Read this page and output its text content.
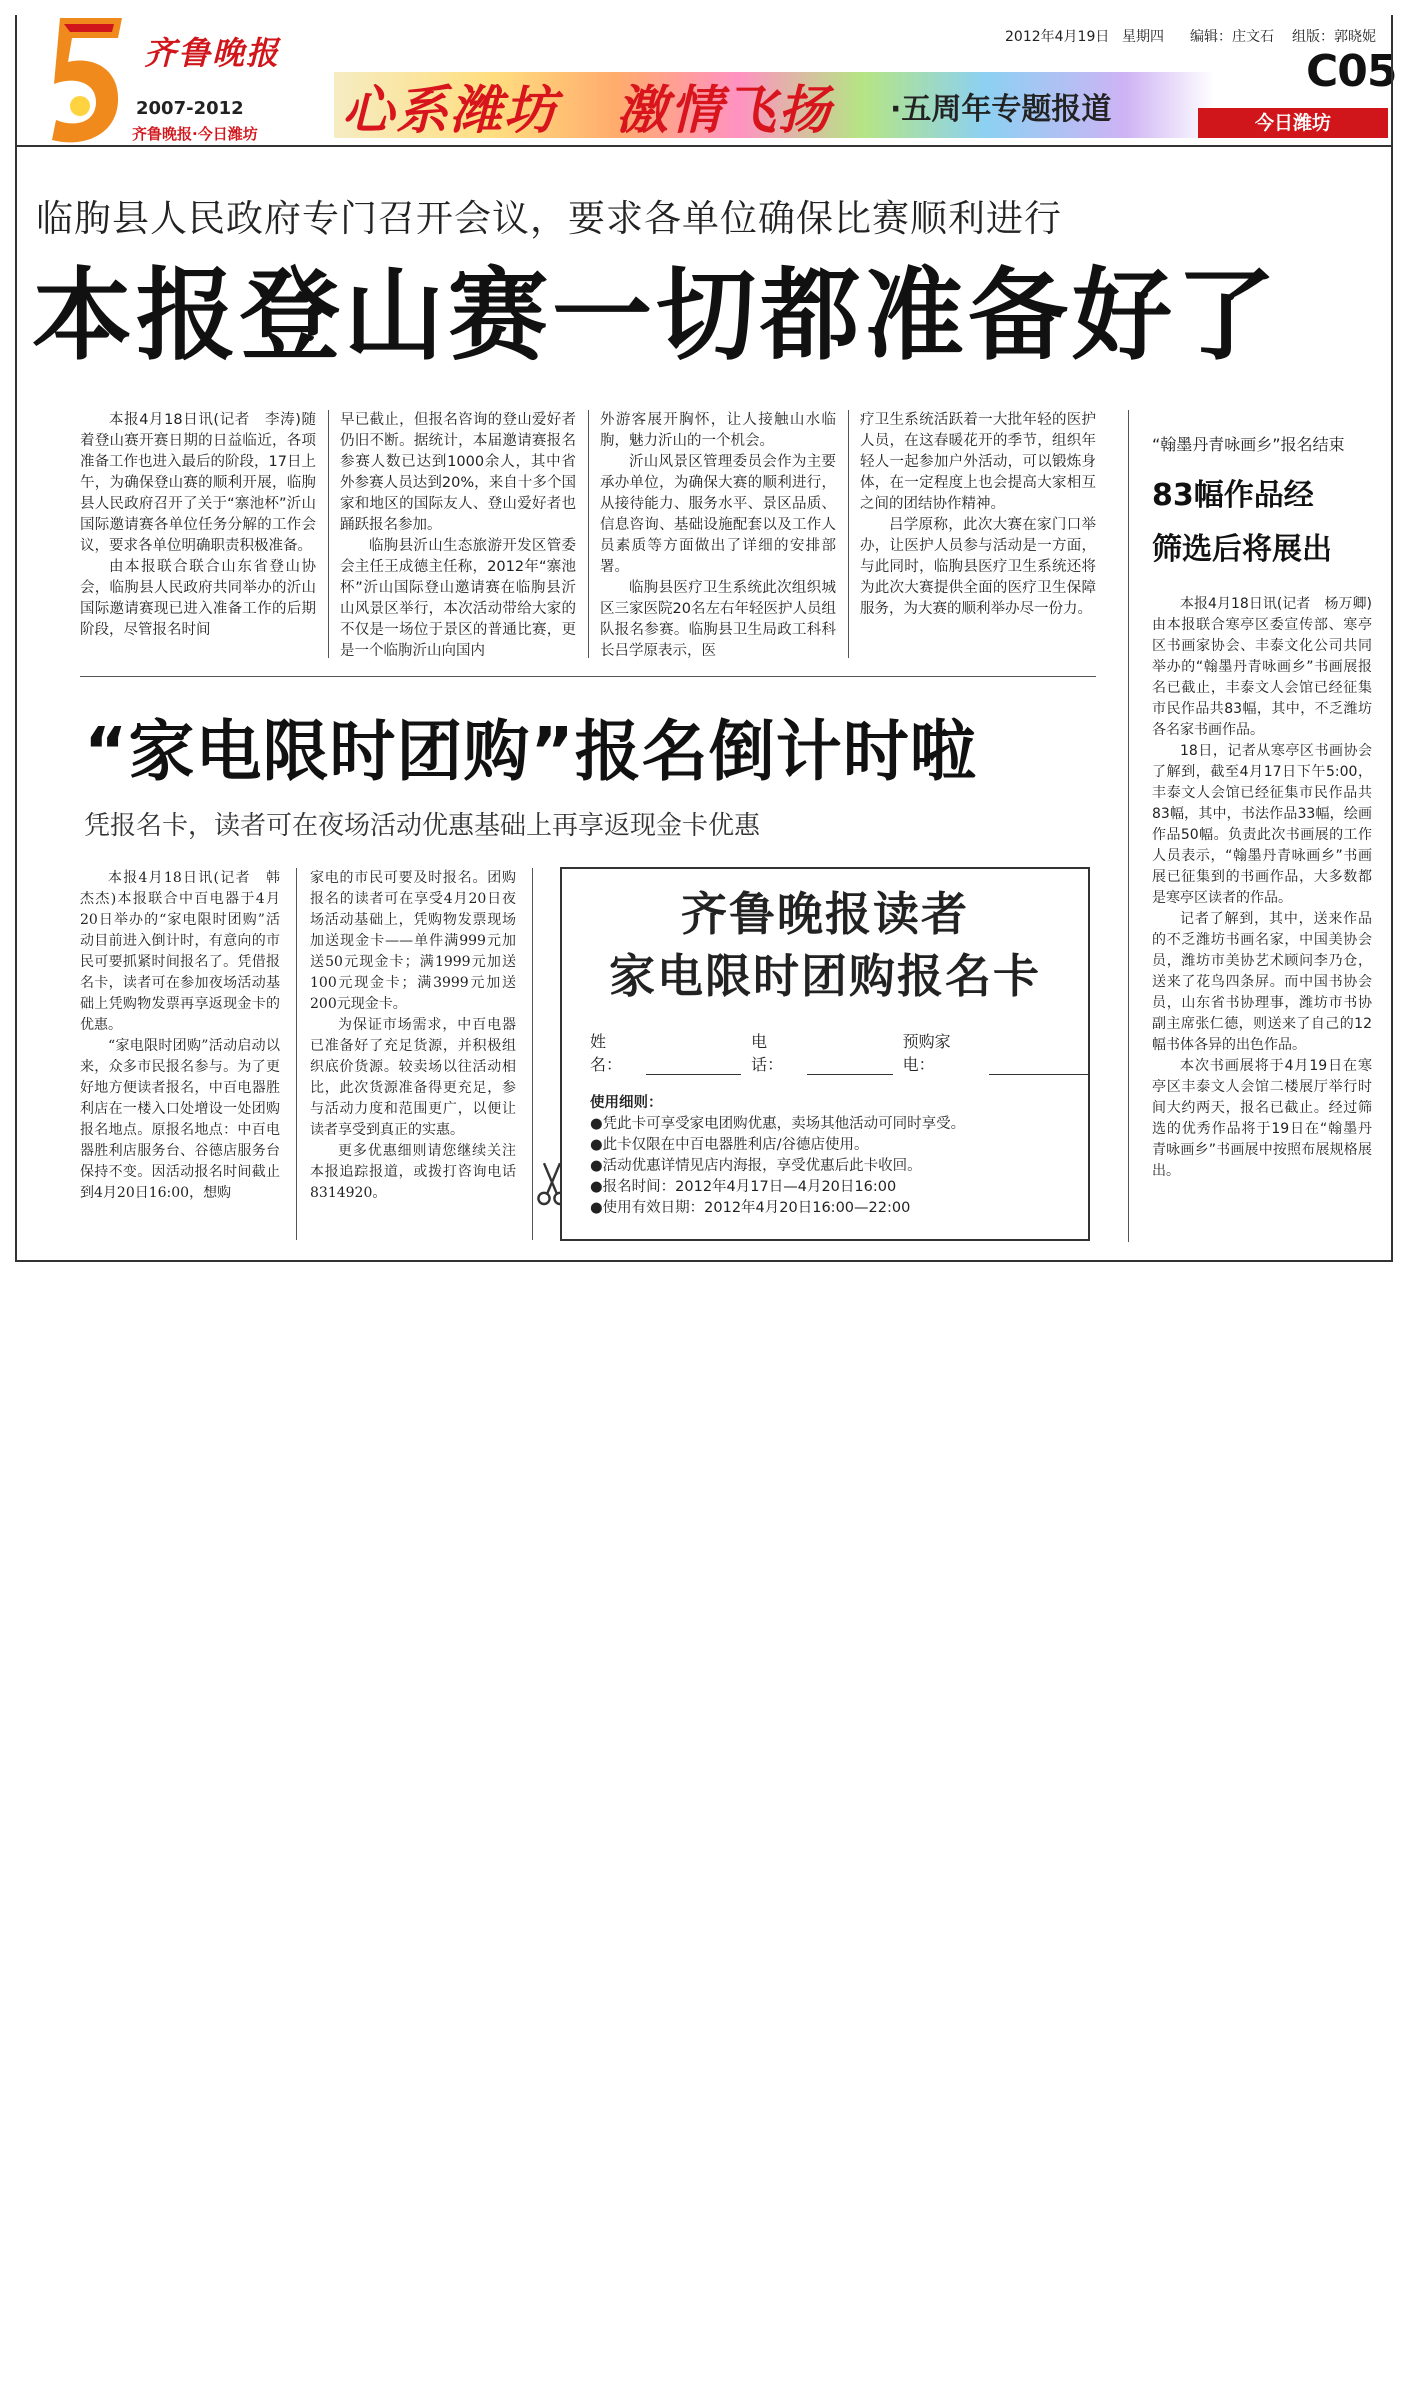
齐鲁晚报
2007-2012
齐鲁晚报·今日潍坊 心系潍坊 激情飞扬 ·五周年专题报道
2012年4月19日 星期四 编辑：庄文石 组版：郭晓妮
C05
今日潍坊
临朐县人民政府专门召开会议，要求各单位确保比赛顺利进行
本报登山赛一切都准备好了

本报4月18日讯(记者　李涛)随着登山赛开赛日期的日益临近，各项准备工作也进入最后的阶段，17日上午，为确保登山赛的顺利开展，临朐县人民政府召开了关于“寨池杯”沂山国际邀请赛各单位任务分解的工作会议，要求各单位明确职责积极准备。

由本报联合联合山东省登山协会，临朐县人民政府共同举办的沂山国际邀请赛现已进入准备工作的后期阶段，尽管报名时间

早已截止，但报名咨询的登山爱好者仍旧不断。据统计，本届邀请赛报名参赛人数已达到1000余人，其中省外参赛人员达到20%，来自十多个国家和地区的国际友人、登山爱好者也踊跃报名参加。

临朐县沂山生态旅游开发区管委会主任王成德主任称，2012年“寨池杯”沂山国际登山邀请赛在临朐县沂山风景区举行，本次活动带给大家的不仅是一场位于景区的普通比赛，更是一个临朐沂山向国内

外游客展开胸怀，让人接触山水临朐，魅力沂山的一个机会。

沂山风景区管理委员会作为主要承办单位，为确保大赛的顺利进行，从接待能力、服务水平、景区品质、信息咨询、基础设施配套以及工作人员素质等方面做出了详细的安排部署。

临朐县医疗卫生系统此次组织城区三家医院20名左右年轻医护人员组队报名参赛。临朐县卫生局政工科科长吕学原表示，医

疗卫生系统活跃着一大批年轻的医护人员，在这春暖花开的季节，组织年轻人一起参加户外活动，可以锻炼身体，在一定程度上也会提高大家相互之间的团结协作精神。

吕学原称，此次大赛在家门口举办，让医护人员参与活动是一方面，与此同时，临朐县医疗卫生系统还将为此次大赛提供全面的医疗卫生保障服务，为大赛的顺利举办尽一份力。

“家电限时团购”报名倒计时啦
凭报名卡，读者可在夜场活动优惠基础上再享返现金卡优惠

本报4月18日讯(记者　韩杰杰)本报联合中百电器于4月20日举办的“家电限时团购”活动目前进入倒计时，有意向的市民可要抓紧时间报名了。凭借报名卡，读者可在参加夜场活动基础上凭购物发票再享返现金卡的优惠。

“家电限时团购”活动启动以来，众多市民报名参与。为了更好地方便读者报名，中百电器胜利店在一楼入口处增设一处团购报名地点。原报名地点：中百电器胜利店服务台、谷德店服务台保持不变。因活动报名时间截止到4月20日16:00，想购

家电的市民可要及时报名。团购报名的读者可在享受4月20日夜场活动基础上，凭购物发票现场加送现金卡——单件满999元加送50元现金卡；满1999元加送100元现金卡；满3999元加送200元现金卡。

为保证市场需求，中百电器已准备好了充足货源，并积极组织底价货源。较卖场以往活动相比，此次货源准备得更充足，参与活动力度和范围更广，以便让读者享受到真正的实惠。

更多优惠细则请您继续关注本报追踪报道，或拨打咨询电话8314920。

齐鲁晚报读者
家电限时团购报名卡
姓名：
电话：
预购家电：
使用细则：
●凭此卡可享受家电团购优惠，卖场其他活动可同时享受。
●此卡仅限在中百电器胜利店/谷德店使用。
●活动优惠详情见店内海报，享受优惠后此卡收回。
●报名时间：2012年4月17日—4月20日16:00
●使用有效日期：2012年4月20日16:00—22:00
“翰墨丹青咏画乡”报名结束
83幅作品经
筛选后将展出

本报4月18日讯(记者　杨万卿)由本报联合寒亭区委宣传部、寒亭区书画家协会、丰泰文化公司共同举办的“翰墨丹青咏画乡”书画展报名已截止，丰泰文人会馆已经征集市民作品共83幅，其中，不乏潍坊各名家书画作品。

18日，记者从寒亭区书画协会了解到，截至4月17日下午5:00，丰泰文人会馆已经征集市民作品共83幅，其中，书法作品33幅，绘画作品50幅。负责此次书画展的工作人员表示，“翰墨丹青咏画乡”书画展已征集到的书画作品，大多数都是寒亭区读者的作品。

记者了解到，其中，送来作品的不乏潍坊书画名家，中国美协会员，潍坊市美协艺术顾问李乃仓，送来了花鸟四条屏。而中国书协会员，山东省书协理事，潍坊市书协副主席张仁德，则送来了自己的12幅书体各异的出色作品。

本次书画展将于4月19日在寒亭区丰泰文人会馆二楼展厅举行时间大约两天，报名已截止。经过筛选的优秀作品将于19日在“翰墨丹青咏画乡”书画展中按照布展规格展出。
